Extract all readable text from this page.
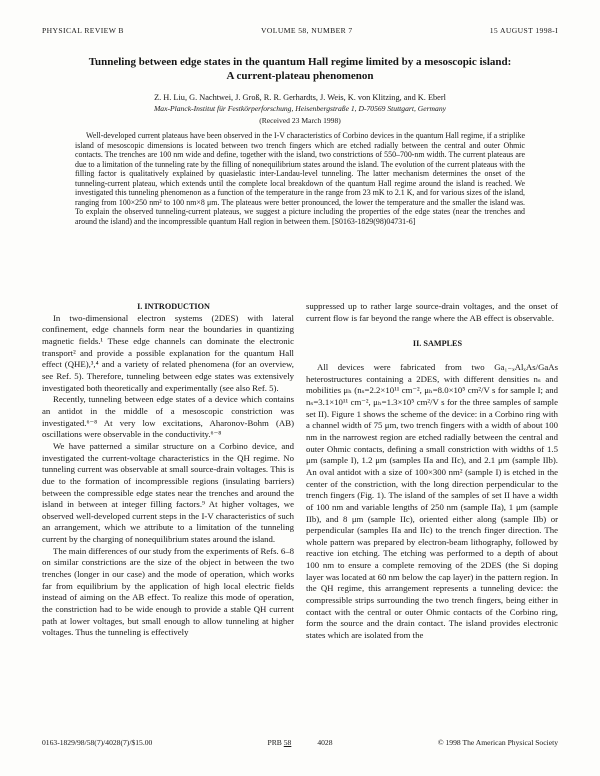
PHYSICAL REVIEW B	VOLUME 58, NUMBER 7	15 AUGUST 1998-I
Tunneling between edge states in the quantum Hall regime limited by a mesoscopic island:
A current-plateau phenomenon
Z. H. Liu, G. Nachtwei, J. Groß, R. R. Gerhardts, J. Weis, K. von Klitzing, and K. Eberl
Max-Planck-Institut für Festkörperforschung, Heisenbergstraße 1, D-70569 Stuttgart, Germany
(Received 23 March 1998)
Well-developed current plateaus have been observed in the I-V characteristics of Corbino devices in the quantum Hall regime, if a striplike island of mesoscopic dimensions is located between two trench fingers which are etched radially between the central and outer Ohmic contacts. The trenches are 100 nm wide and define, together with the island, two constrictions of 550–700-nm width. The current plateaus are due to a limitation of the tunneling rate by the filling of nonequilibrium states around the island. The evolution of the current plateaus with the filling factor is qualitatively explained by quasielastic inter-Landau-level tunneling. The latter mechanism determines the onset of the tunneling-current plateau, which extends until the complete local breakdown of the quantum Hall regime around the island is reached. We investigated this tunneling phenomenon as a function of the temperature in the range from 23 mK to 2.1 K, and for various sizes of the island, ranging from 100×250 nm² to 100 nm×8 μm. The plateaus were better pronounced, the lower the temperature and the smaller the island was. To explain the observed tunneling-current plateaus, we suggest a picture including the properties of the edge states (near the trenches and around the island) and the incompressible quantum Hall region in between them. [S0163-1829(98)04731-6]

I. INTRODUCTION

In two-dimensional electron systems (2DES) with lateral confinement, edge channels form near the boundaries in quantizing magnetic fields.¹ These edge channels can dominate the electronic transport² and provide a possible explanation for the quantum Hall effect (QHE),³,⁴ and a variety of related phenomena (for an overview, see Ref. 5). Therefore, tunneling between edge states was extensively investigated both theoretically and experimentally (see also Ref. 5).

Recently, tunneling between edge states of a device which contains an antidot in the middle of a mesoscopic constriction was investigated.⁶⁻⁸ At very low excitations, Aharonov-Bohm (AB) oscillations were observable in the conductivity.⁶⁻⁸

We have patterned a similar structure on a Corbino device, and investigated the current-voltage characteristics in the QH regime. No tunneling current was observable at small source-drain voltages. This is due to the formation of incompressible regions (insulating barriers) between the compressible edge states near the trenches and around the island in between at integer filling factors.⁹ At higher voltages, we observed well-developed current steps in the I-V characteristics of such an arrangement, which we attribute to a limitation of the tunneling current by the charging of nonequilibrium states around the island.

The main differences of our study from the experiments of Refs. 6–8 on similar constrictions are the size of the object in between the two trenches (longer in our case) and the mode of operation, which works far from equilibrium by the application of high local electric fields instead of aiming on the AB effect. To realize this mode of operation, the constriction had to be wide enough to provide a stable QH current path at lower voltages, but small enough to allow tunneling at higher voltages. Thus the tunneling is effectively

suppressed up to rather large source-drain voltages, and the onset of current flow is far beyond the range where the AB effect is observable.

II. SAMPLES

All devices were fabricated from two Ga₁₋ₓAlₓAs/GaAs heterostructures containing a 2DES, with different densities nₛ and mobilities μₕ (nₛ=2.2×10¹¹ cm⁻², μₕ=8.0×10⁵ cm²/V s for sample I; and nₛ=3.1×10¹¹ cm⁻², μₕ=1.3×10⁵ cm²/V s for the three samples of sample set II). Figure 1 shows the scheme of the device: in a Corbino ring with a channel width of 75 μm, two trench fingers with a width of about 100 nm in the narrowest region are etched radially between the central and outer Ohmic contacts, defining a small constriction with widths of 1.5 μm (sample I), 1.2 μm (samples IIa and IIc), and 2.1 μm (sample IIb). An oval antidot with a size of 100×300 nm² (sample I) is etched in the center of the constriction, with the long direction perpendicular to the trench fingers (Fig. 1). The island of the samples of set II have a width of 100 nm and variable lengths of 250 nm (sample IIa), 1 μm (sample IIb), and 8 μm (sample IIc), oriented either along (sample IIb) or perpendicular (samples IIa and IIc) to the trench finger direction. The whole pattern was prepared by electron-beam lithography, followed by reactive ion etching. The etching was performed to a depth of about 100 nm to ensure a complete removing of the 2DES (the Si doping layer was located at 60 nm below the cap layer) in the pattern region. In the QH regime, this arrangement represents a tunneling device: the compressible strips surrounding the two trench fingers, being either in contact with the central or outer Ohmic contacts of the Corbino ring, form the source and the drain contact. The island provides electronic states which are isolated from the

0163-1829/98/58(7)/4028(7)/$15.00	PRB 58	4028	© 1998 The American Physical Society
